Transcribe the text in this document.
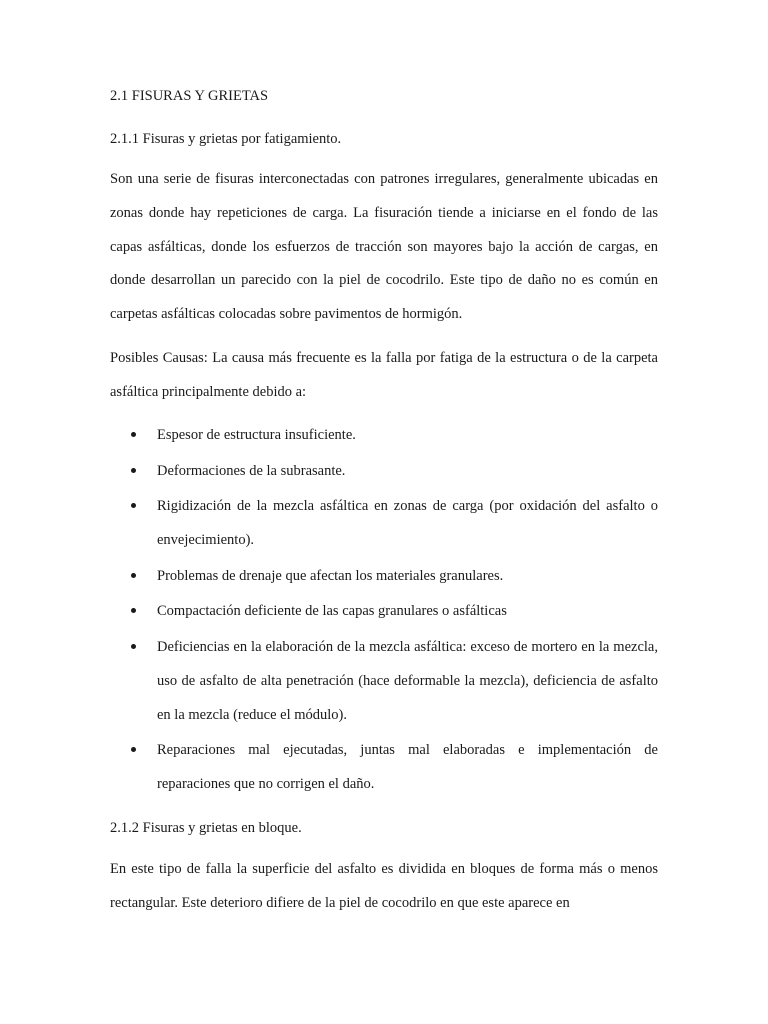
2.1 FISURAS Y GRIETAS
2.1.1 Fisuras y grietas por fatigamiento.

Son una serie de fisuras interconectadas con patrones irregulares, generalmente ubicadas en zonas donde hay repeticiones de carga. La fisuración tiende a iniciarse en el fondo de las capas asfálticas, donde los esfuerzos de tracción son mayores bajo la acción de cargas, en donde desarrollan un parecido con la piel de cocodrilo. Este tipo de daño no es común en carpetas asfálticas colocadas sobre pavimentos de hormigón.

Posibles Causas: La causa más frecuente es la falla por fatiga de la estructura o de la carpeta asfáltica principalmente debido a:

Espesor de estructura insuficiente.
Deformaciones de la subrasante.
Rigidización de la mezcla asfáltica en zonas de carga (por oxidación del asfalto o envejecimiento).
Problemas de drenaje que afectan los materiales granulares.
Compactación deficiente de las capas granulares o asfálticas
Deficiencias en la elaboración de la mezcla asfáltica: exceso de mortero en la mezcla, uso de asfalto de alta penetración (hace deformable la mezcla), deficiencia de asfalto en la mezcla (reduce el módulo).
Reparaciones mal ejecutadas, juntas mal elaboradas e implementación de reparaciones que no corrigen el daño.
2.1.2 Fisuras y grietas en bloque.

En este tipo de falla la superficie del asfalto es dividida en bloques de forma más o menos rectangular. Este deterioro difiere de la piel de cocodrilo en que este aparece en
